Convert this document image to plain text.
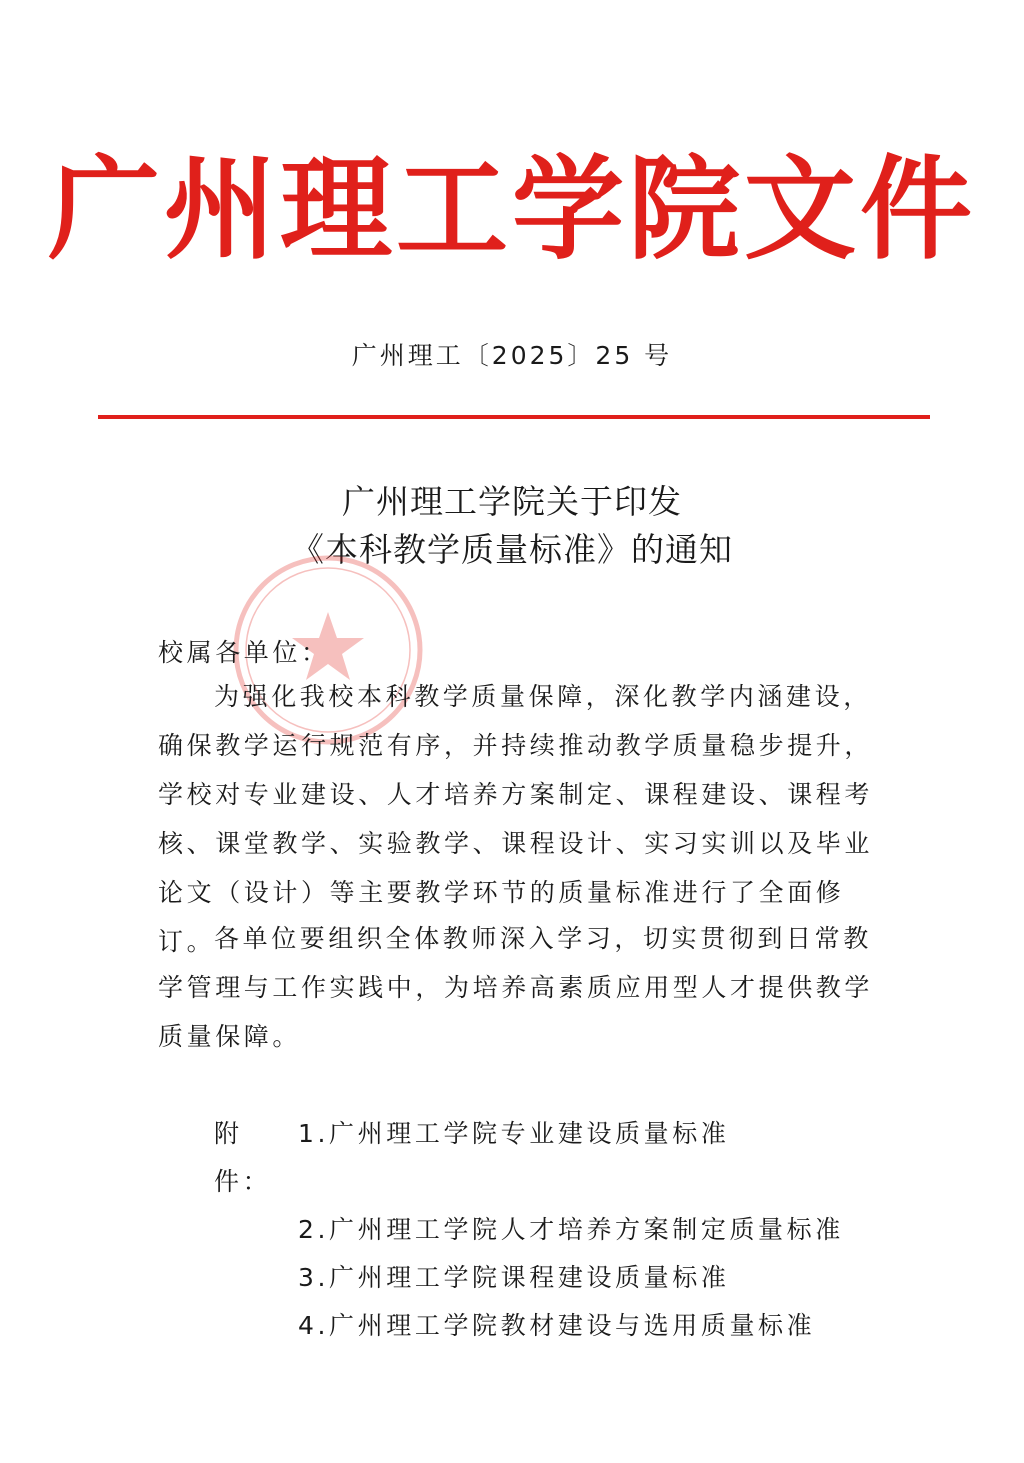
广州理工学院文件
广州理工〔2025〕25 号
广州理工学院关于印发
《本科教学质量标准》的通知
校属各单位：
为强化我校本科教学质量保障，深化教学内涵建设，确保教学运行规范有序，并持续推动教学质量稳步提升，学校对专业建设、人才培养方案制定、课程建设、课程考核、课堂教学、实验教学、课程设计、实习实训以及毕业论文（设计）等主要教学环节的质量标准进行了全面修订。
各单位要组织全体教师深入学习，切实贯彻到日常教学管理与工作实践中，为培养高素质应用型人才提供教学质量保障。
附件：
1.广州理工学院专业建设质量标准
2.广州理工学院人才培养方案制定质量标准
3.广州理工学院课程建设质量标准
4.广州理工学院教材建设与选用质量标准
